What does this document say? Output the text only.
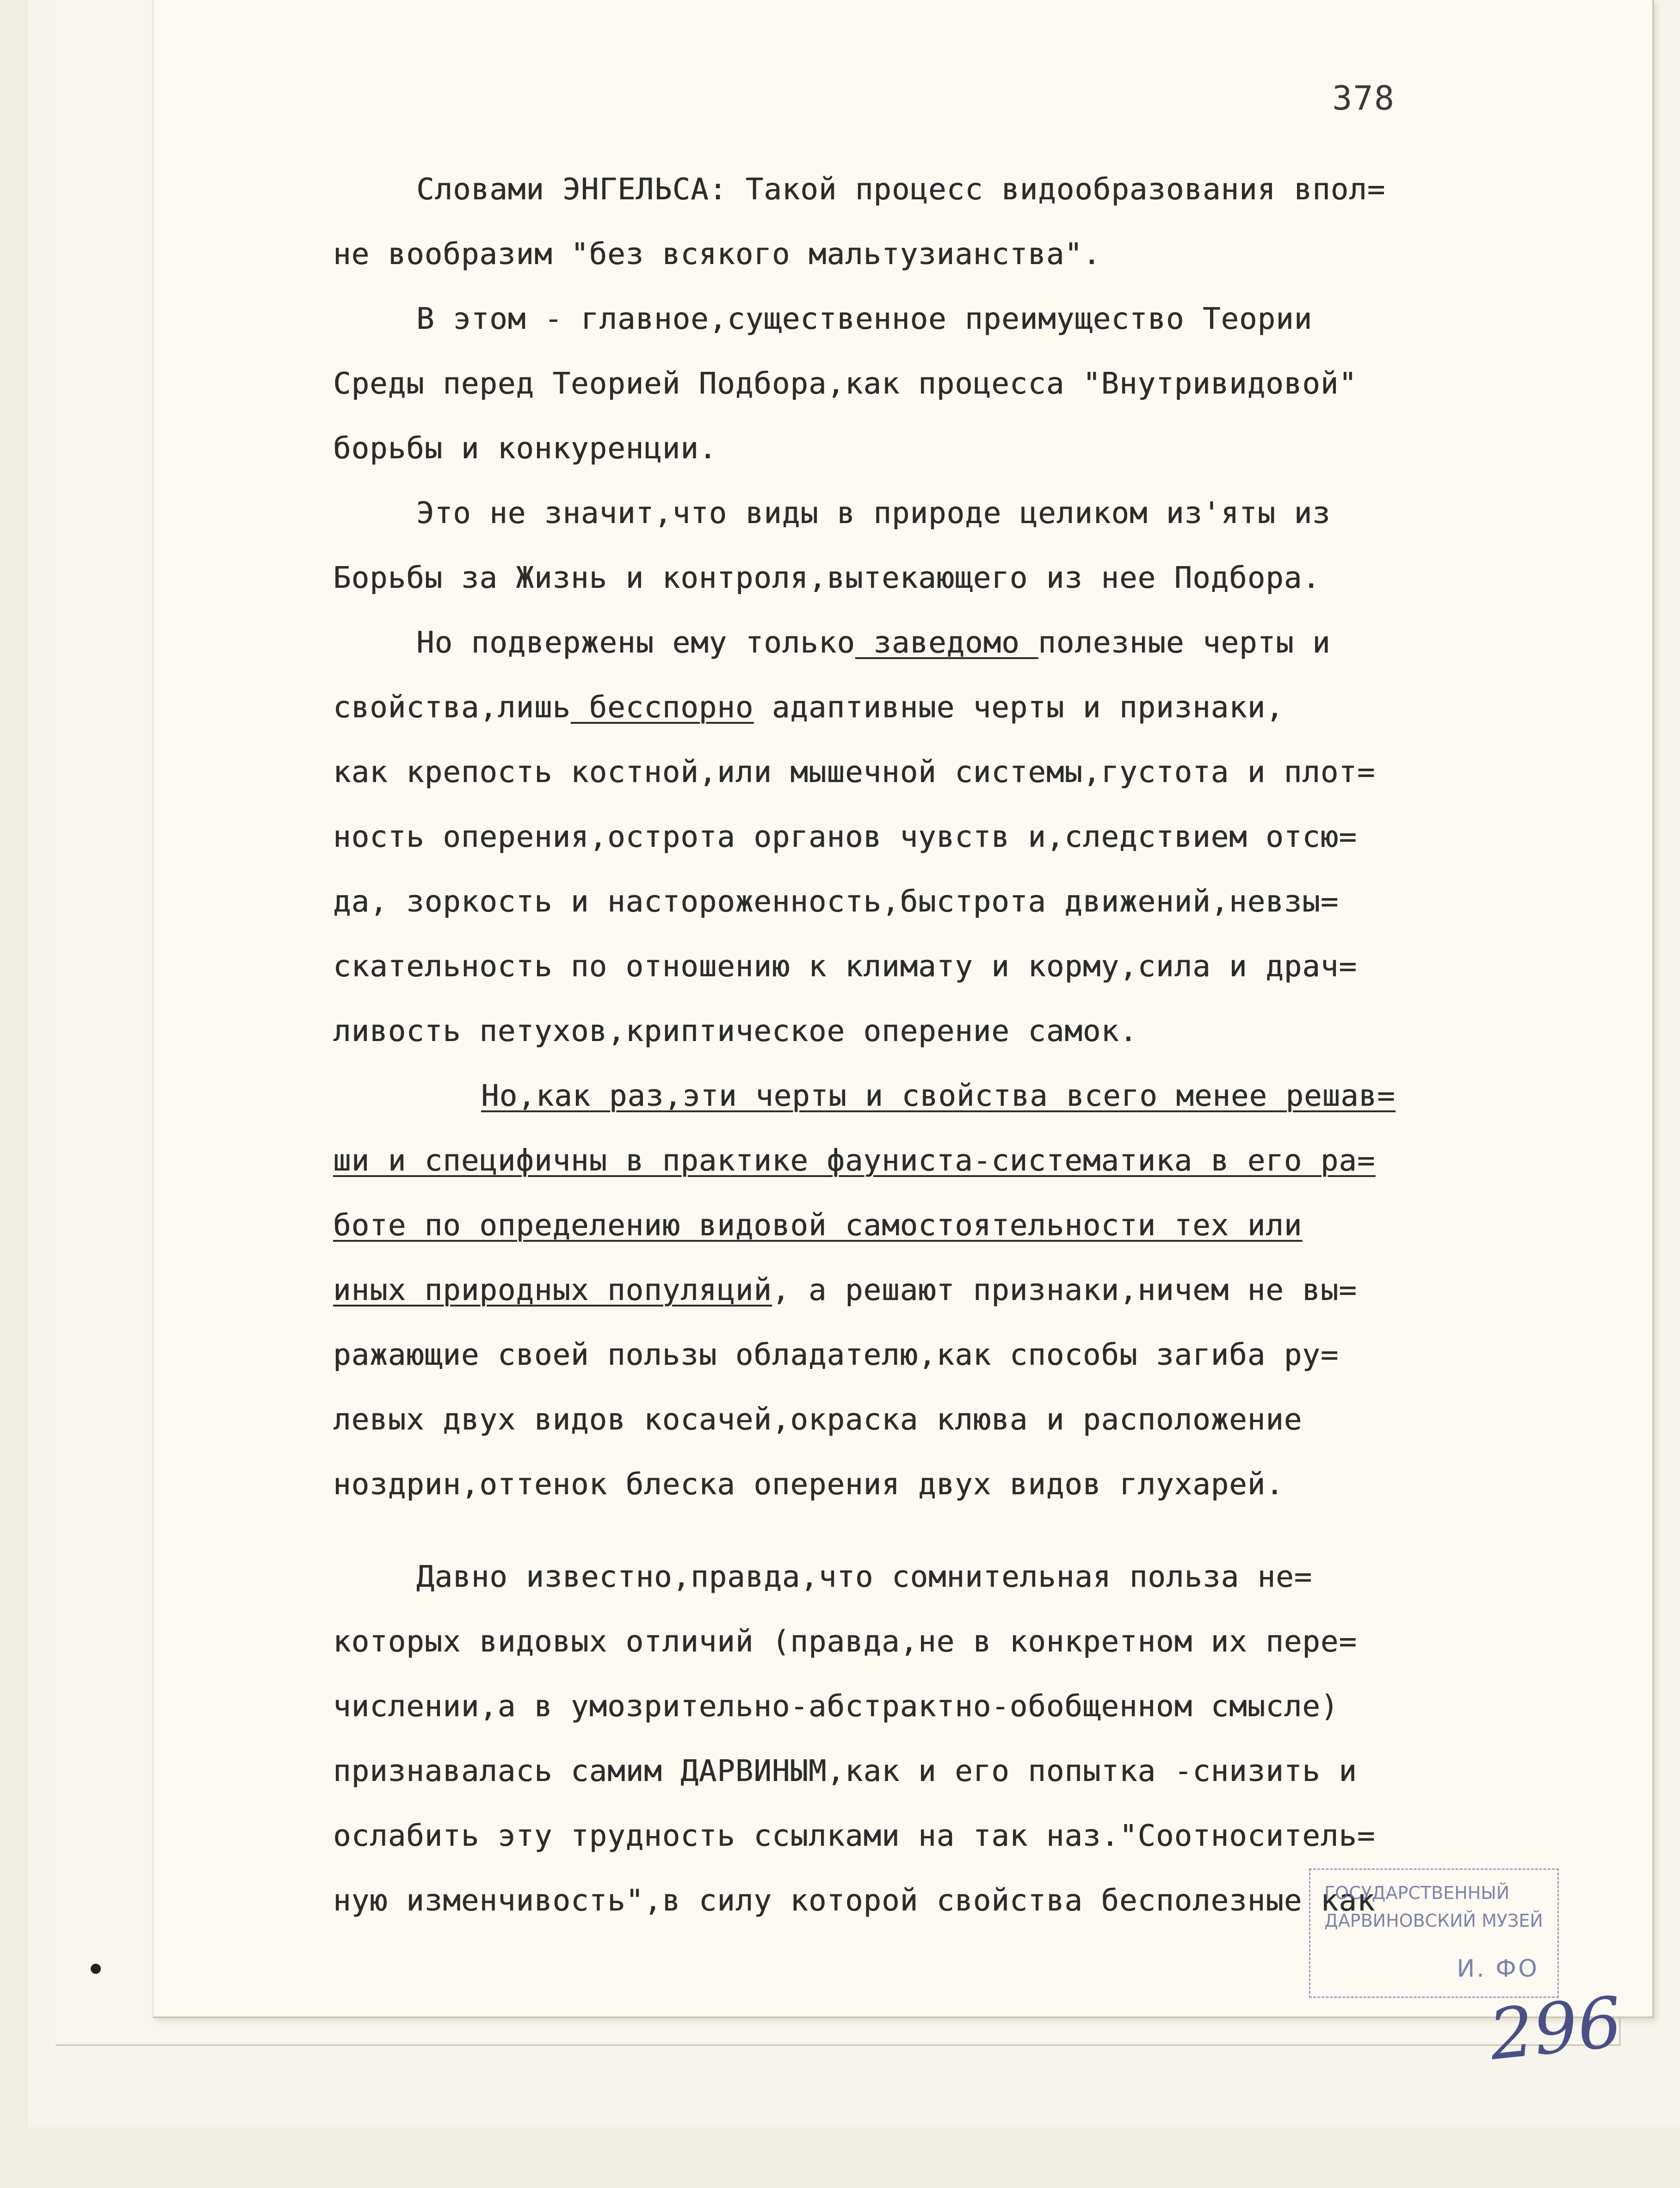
378
Словами ЭНГЕЛЬСА: Такой процесс видообразования впол=
не вообразим "без всякого мальтузианства".
В этом - главное,существенное преимущество Теории
Среды перед Теорией Подбора,как процесса "Внутривидовой"
борьбы и конкуренции.
Это не значит,что виды в природе целиком из'яты из
Борьбы за Жизнь и контроля,вытекающего из нее Подбора.
Но подвержены ему только заведомо полезные черты и
свойства,лишь бесспорно адаптивные черты и признаки,
как крепость костной,или мышечной системы,густота и плот=
ность оперения,острота органов чувств и,следствием отсю=
да, зоркость и настороженность,быстрота движений,невзы=
скательность по отношению к климату и корму,сила и драч=
ливость петухов,криптическое оперение самок.
Но,как раз,эти черты и свойства всего менее решав=
ши и специфичны в практике фауниста-систематика в его ра=
боте по определению видовой самостоятельности тех или
иных природных популяций, а решают признаки,ничем не вы=
ражающие своей пользы обладателю,как способы загиба ру=
левых двух видов косачей,окраска клюва и расположение
ноздрин,оттенок блеска оперения двух видов глухарей.
Давно известно,правда,что сомнительная польза не=
которых видовых отличий (правда,не в конкретном их пере=
числении,а в умозрительно-абстрактно-обобщенном смысле)
признавалась самим ДАРВИНЫМ,как и его попытка -снизить и
ослабить эту трудность ссылками на так наз."Соотноситель=
ную изменчивость",в силу которой свойства бесполезные как
ГОСУДАРСТВЕННЫЙ
ДАРВИНОВСКИЙ МУЗЕЙ
И. ФО
296
